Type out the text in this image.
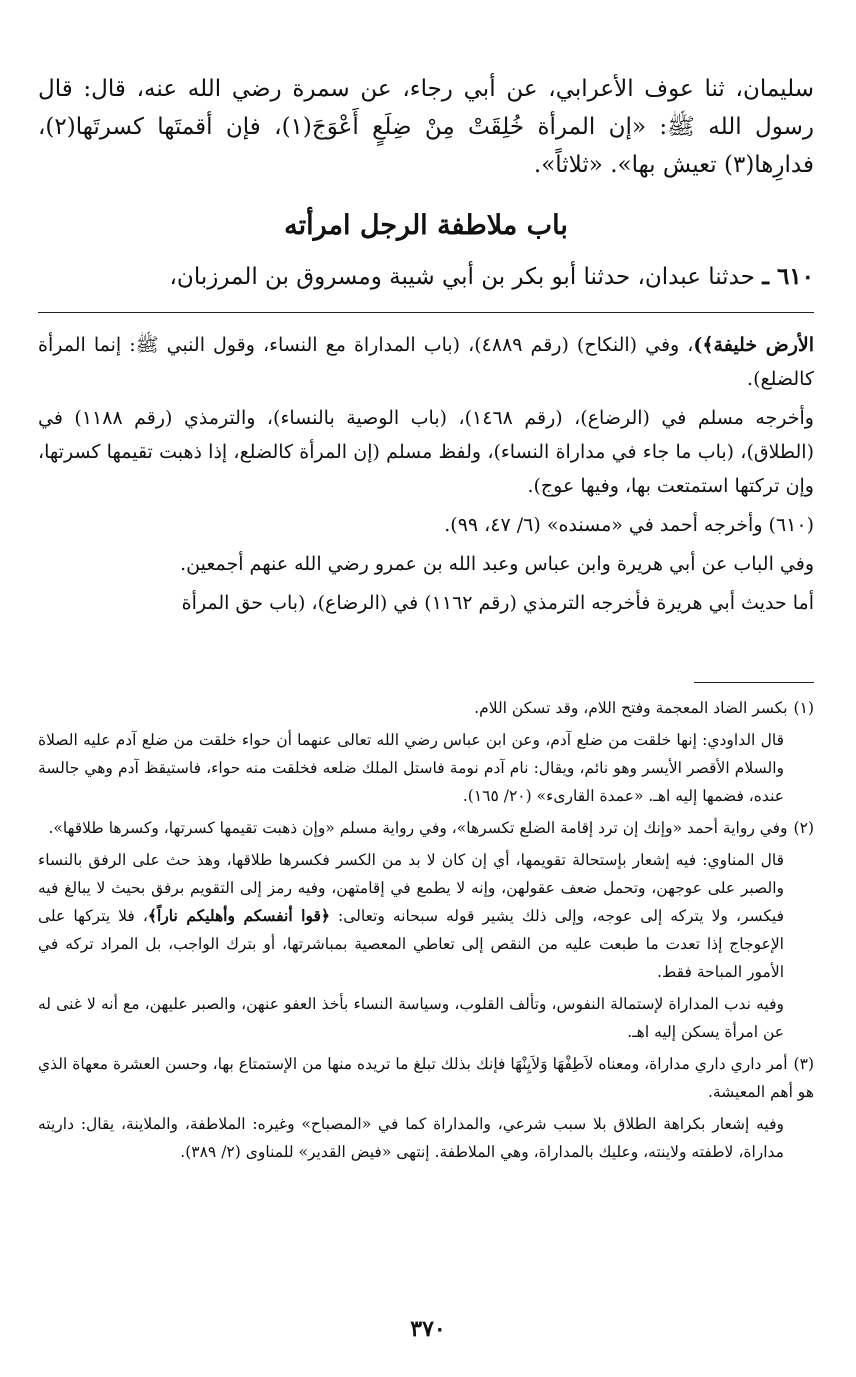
سليمان، ثنا عوف الأعرابي، عن أبي رجاء، عن سمرة رضي الله عنه، قال: قال رسول الله ﷺ: «إن المرأة خُلِقَتْ مِنْ ضِلَعٍ أَعْوَجَ(١)، فإن أقمتَها كسرتَها(٢)، فدارِها(٣) تعيش بها». «ثلاثاً».

باب ملاطفة الرجل امرأته
٦١٠ ـ حدثنا عبدان، حدثنا أبو بكر بن أبي شيبة ومسروق بن المرزبان،

الأرض خليفة﴾)، وفي (النكاح) (رقم ٤٨٨٩)، (باب المداراة مع النساء، وقول النبي ﷺ: إنما المرأة كالضلع).

وأخرجه مسلم في (الرضاع)، (رقم ١٤٦٨)، (باب الوصية بالنساء)، والترمذي (رقم ١١٨٨) في (الطلاق)، (باب ما جاء في مداراة النساء)، ولفظ مسلم (إن المرأة كالضلع، إذا ذهبت تقيمها كسرتها، وإن تركتها استمتعت بها، وفيها عوج).

(٦١٠) وأخرجه أحمد في «مسنده» (٦/ ٤٧، ٩٩).

وفي الباب عن أبي هريرة وابن عباس وعبد الله بن عمرو رضي الله عنهم أجمعين.

أما حديث أبي هريرة فأخرجه الترمذي (رقم ١١٦٢) في (الرضاع)، (باب حق المرأة

(١)بكسر الضاد المعجمة وفتح اللام، وقد تسكن اللام.

قال الداودي: إنها خلقت من ضلع آدم، وعن ابن عباس رضي الله تعالى عنهما أن حواء خلقت من ضلع آدم عليه الصلاة والسلام الأقصر الأيسر وهو نائم، ويقال: نام آدم نومة فاستل الملك ضلعه فخلقت منه حواء، فاستيقظ آدم وهي جالسة عنده، فضمها إليه اهـ. «عمدة القارىء» (٢٠/ ١٦٥).

(٢)وفي رواية أحمد «وإنك إن ترد إقامة الضلع تكسرها»، وفي رواية مسلم «وإن ذهبت تقيمها كسرتها، وكسرها طلاقها».

قال المناوي: فيه إشعار بإستحالة تقويمها، أي إن كان لا بد من الكسر فكسرها طلاقها، وهذ حث على الرفق بالنساء والصبر على عوجهن، وتحمل ضعف عقولهن، وإنه لا يطمع في إقامتهن، وفيه رمز إلى التقويم برفق بحيث لا يبالغ فيه فيكسر، ولا يتركه إلى عوجه، وإلى ذلك يشير قوله سبحانه وتعالى: ﴿قوا أنفسكم وأهليكم ناراً﴾، فلا يتركها على الإعوجاج إذا تعدت ما طبعت عليه من النقص إلى تعاطي المعصية بمباشرتها، أو بترك الواجب، بل المراد تركه في الأمور المباحة فقط.

وفيه ندب المداراة لإستمالة النفوس، وتألف القلوب، وسياسة النساء بأخذ العفو عنهن، والصبر عليهن، مع أنه لا غنى له عن امرأة يسكن إليه اهـ.

(٣)أمر داري داري مداراة، ومعناه لاَطِفْهَا وَلاَيِنْهَا فإنك بذلك تبلغ ما تريده منها من الإستمتاع بها، وحسن العشرة معهاة الذي هو أهم المعيشة.

وفيه إشعار بكراهة الطلاق بلا سبب شرعي، والمداراة كما في «المصباح» وغيره: الملاطفة، والملاينة، يقال: داريته مداراة، لاطفته ولاينته، وعليك بالمداراة، وهي الملاطفة. إنتهى «فيض القدير» للمناوى (٢/ ٣٨٩).

٣٧٠
